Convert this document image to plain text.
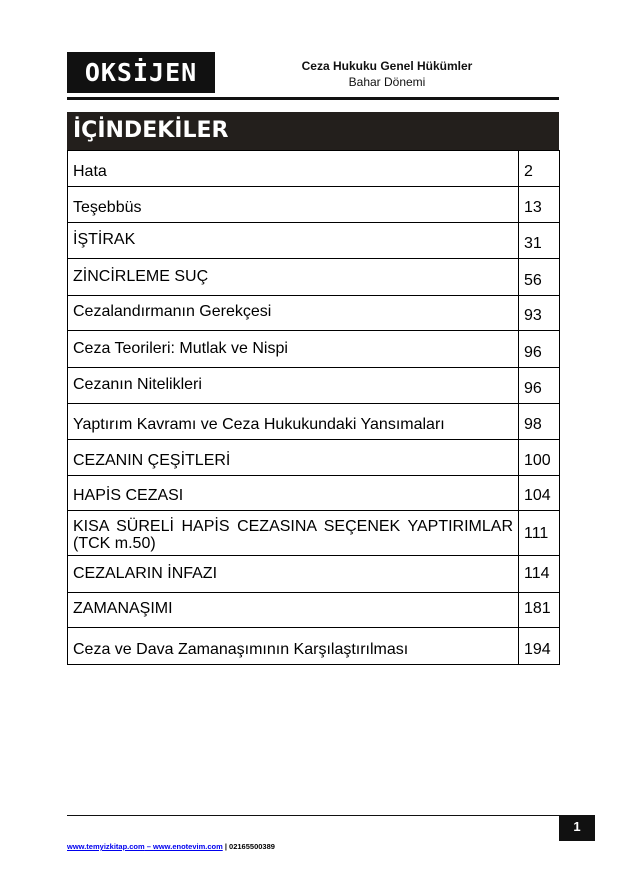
OKSİJEN	Ceza Hukuku Genel Hükümler
Bahar Dönemi
İÇİNDEKİLER
Hata	2

Teşebbüs	13

İŞTİRAK	31

ZİNCİRLEME SUÇ	56

Cezalandırmanın Gerekçesi	93

Ceza Teorileri: Mutlak ve Nispi	96

Cezanın Nitelikleri	96

Yaptırım Kavramı ve Ceza Hukukundaki Yansımaları	98

CEZANIN ÇEŞİTLERİ	100

HAPİS CEZASI	104

KISA SÜRELİ HAPİS CEZASINA SEÇENEK YAPTIRIMLAR
(TCK m.50)	111

CEZALARIN İNFAZI	114

ZAMANAŞIMI	181

Ceza ve Dava Zamanaşımının Karşılaştırılması	194
1
www.temyizkitap.com – www.enotevim.com | 02165500389
